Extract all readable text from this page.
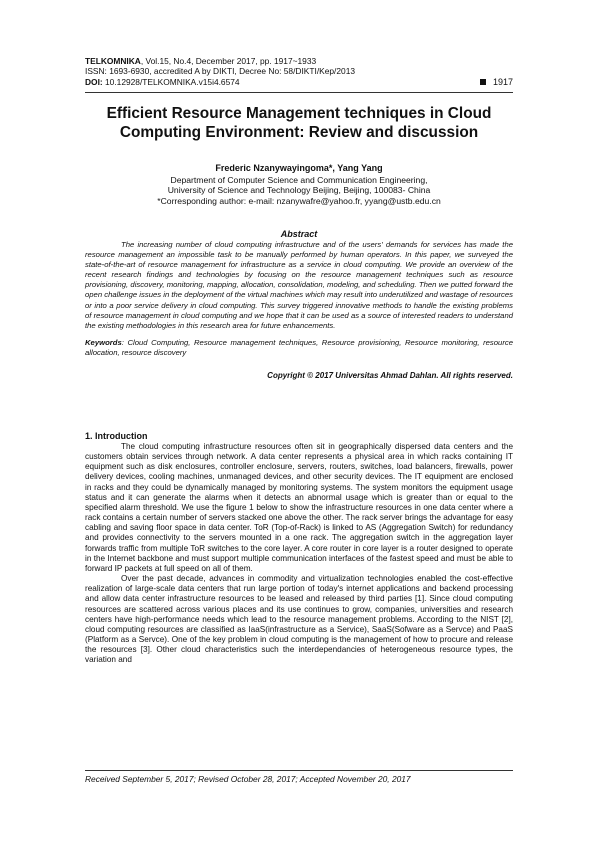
TELKOMNIKA, Vol.15, No.4, December 2017, pp. 1917~1933
ISSN: 1693-6930, accredited A by DIKTI, Decree No: 58/DIKTI/Kep/2013
DOI: 10.12928/TELKOMNIKA.v15i4.6574	1917
Efficient Resource Management techniques in Cloud Computing Environment: Review and discussion
Frederic Nzanywayingoma*, Yang Yang
Department of Computer Science and Communication Engineering,
University of Science and Technology Beijing, Beijing, 100083- China
*Corresponding author: e-mail: nzanywafre@yahoo.fr, yyang@ustb.edu.cn
Abstract

The increasing number of cloud computing infrastructure and of the users' demands for services has made the resource management an impossible task to be manually performed by human operators. In this paper, we surveyed the state-of-the-art of resource management for infrastructure as a service in cloud computing. We provide an overview of the recent research findings and technologies by focusing on the resource management techniques such as resource provisioning, discovery, monitoring, mapping, allocation, consolidation, modeling, and scheduling. Then we putted forward the open challenge issues in the deployment of the virtual machines which may result into underutilized and wastage of resources or into a poor service delivery in cloud computing. This survey triggered innovative methods to handle the existing problems of resource management in cloud computing and we hope that it can be used as a source of interested readers to understand the existing methodologies in this research area for future enhancements.

Keywords: Cloud Computing, Resource management techniques, Resource provisioning, Resource monitoring, resource allocation, resource discovery

Copyright © 2017 Universitas Ahmad Dahlan. All rights reserved.
1. Introduction

The cloud computing infrastructure resources often sit in geographically dispersed data centers and the customers obtain services through network. A data center represents a physical area in which racks containing IT equipment such as disk enclosures, controller enclosure, servers, routers, switches, load balancers, firewalls, power delivery devices, cooling machines, unmanaged devices, and other security devices. The IT equipment are enclosed in racks and they could be dynamically managed by monitoring systems. The system monitors the equipment usage status and it can generate the alarms when it detects an abnormal usage which is greater than or equal to the specified alarm threshold. We use the figure 1 below to show the infrastructure resources in one data center where a rack contains a certain number of servers stacked one above the other. The rack server brings the advantage for easy cabling and saving floor space in data center. ToR (Top-of-Rack) is linked to AS (Aggregation Switch) for redundancy and provides connectivity to the servers mounted in a one rack. The aggregation switch in the aggregation layer forwards traffic from multiple ToR switches to the core layer. A core router in core layer is a router designed to operate in the Internet backbone and must support multiple communication interfaces of the fastest speed and must be able to forward IP packets at full speed on all of them.

Over the past decade, advances in commodity and virtualization technologies enabled the cost-effective realization of large-scale data centers that run large portion of today's internet applications and backend processing and allow data center infrastructure resources to be leased and released by third parties [1]. Since cloud computing resources are scattered across various places and its use continues to grow, companies, universities and research centers have high-performance needs which lead to the resource management problems. According to the NIST [2], cloud computing resources are classified as IaaS(infrastructure as a Service), SaaS(Sofware as a Servce) and PaaS (Platform as a Servce). One of the key problem in cloud computing is the management of how to procure and release the resources [3]. Other cloud characteristics such the interdependancies of heterogeneous resource types, the variation and

Received September 5, 2017; Revised October 28, 2017; Accepted November 20, 2017
